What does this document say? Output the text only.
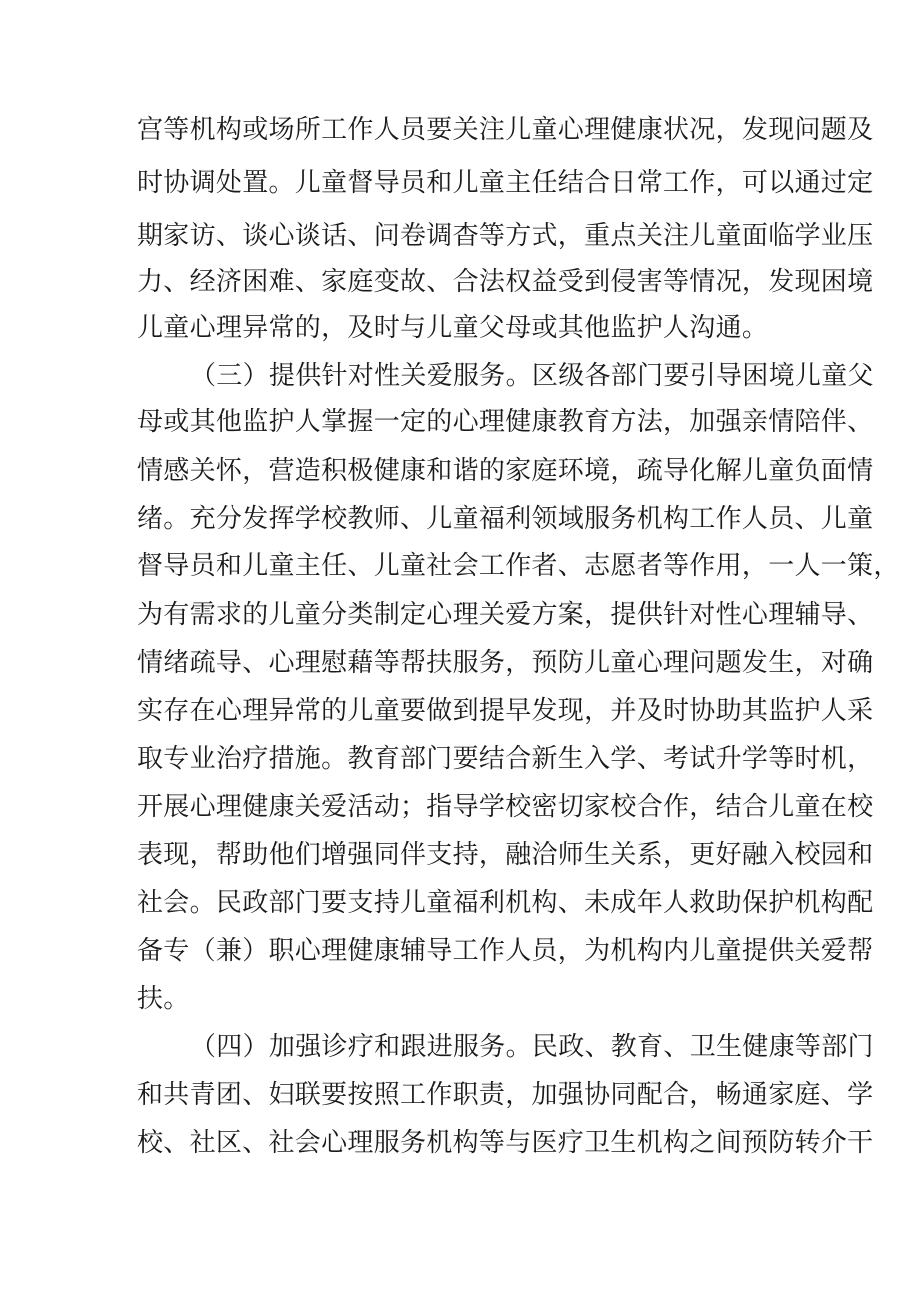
宫等机构或场所工作人员要关注儿童心理健康状况，发现问题及
时协调处置。儿童督导员和儿童主任结合日常工作，可以通过定
期家访、谈心谈话、问卷调杳等方式，重点关注儿童面临学业压
力、经济困难、家庭变故、合法权益受到侵害等情况，发现困境
儿童心理异常的，及时与儿童父母或其他监护人沟通。
（三）提供针对性关爱服务。区级各部门要引导困境儿童父
母或其他监护人掌握一定的心理健康教育方法，加强亲情陪伴、
情感关怀，营造积极健康和谐的家庭环境，疏导化解儿童负面情
绪。充分发挥学校教师、儿童福利领域服务机构工作人员、儿童
督导员和儿童主任、儿童社会工作者、志愿者等作用，一人一策，
为有需求的儿童分类制定心理关爱方案，提供针对性心理辅导、
情绪疏导、心理慰藉等帮扶服务，预防儿童心理问题发生，对确
实存在心理异常的儿童要做到提早发现，并及时协助其监护人采
取专业治疗措施。教育部门要结合新生入学、考试升学等时机，
开展心理健康关爱活动；指导学校密切家校合作，结合儿童在校
表现，帮助他们增强同伴支持，融洽师生关系，更好融入校园和
社会。民政部门要支持儿童福利机构、未成年人救助保护机构配
备专（兼）职心理健康辅导工作人员，为机构内儿童提供关爱帮
扶。
（四）加强诊疗和跟进服务。民政、教育、卫生健康等部门
和共青团、妇联要按照工作职责，加强协同配合，畅通家庭、学
校、社区、社会心理服务机构等与医疗卫生机构之间预防转介干
